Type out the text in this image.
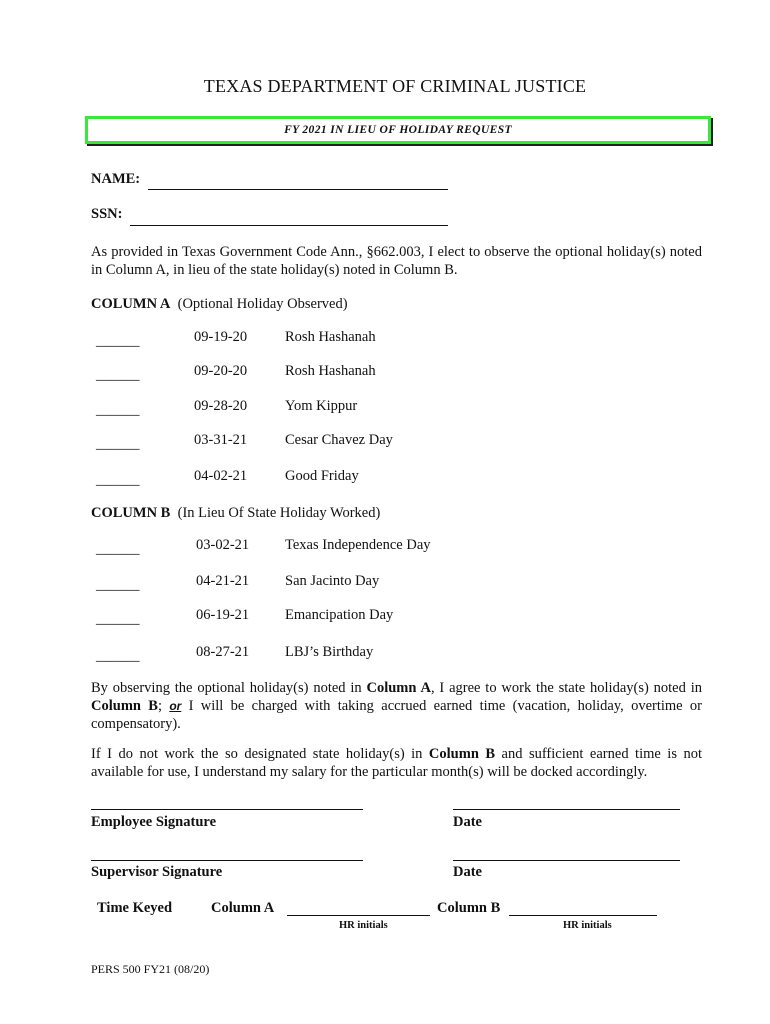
TEXAS DEPARTMENT OF CRIMINAL JUSTICE
FY 2021 IN LIEU OF HOLIDAY REQUEST
NAME:
SSN:
As provided in Texas Government Code Ann., §662.003, I elect to observe the optional holiday(s) noted in Column A, in lieu of the state holiday(s) noted in Column B.
COLUMN A (Optional Holiday Observed)
______	09-19-20	Rosh Hashanah
______	09-20-20	Rosh Hashanah
______	09-28-20	Yom Kippur
______	03-31-21	Cesar Chavez Day
______	04-02-21	Good Friday
COLUMN B (In Lieu Of State Holiday Worked)
______	03-02-21 Texas Independence Day
______	04-21-21 San Jacinto Day
______	06-19-21 Emancipation Day
______	08-27-21 LBJ’s Birthday
By observing the optional holiday(s) noted in Column A, I agree to work the state holiday(s) noted in Column B; or I will be charged with taking accrued earned time (vacation, holiday, overtime or compensatory).
If I do not work the so designated state holiday(s) in Column B and sufficient earned time is not available for use, I understand my salary for the particular month(s) will be docked accordingly.
Employee Signature	Date
Supervisor Signature	Date
Time Keyed	Column A	Column B
HR initials	HR initials
PERS 500 FY21 (08/20)
